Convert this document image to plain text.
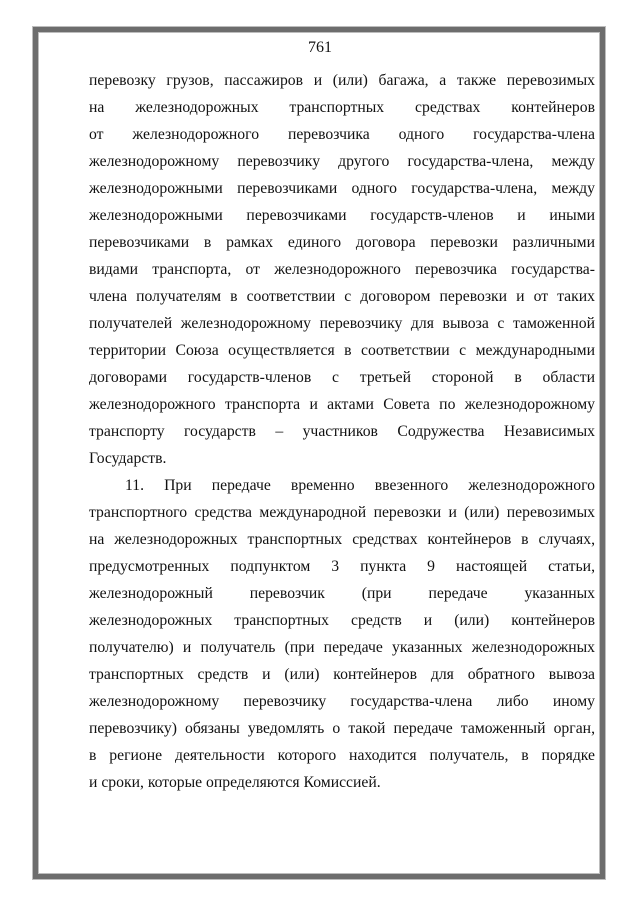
761
перевозку грузов, пассажиров и (или) багажа, а также перевозимых
на железнодорожных транспортных средствах контейнеров
от железнодорожного перевозчика одного государства-члена
железнодорожному перевозчику другого государства-члена, между
железнодорожными перевозчиками одного государства-члена, между
железнодорожными перевозчиками государств-членов и иными
перевозчиками в рамках единого договора перевозки различными
видами транспорта, от железнодорожного перевозчика государства-
члена получателям в соответствии с договором перевозки и от таких
получателей железнодорожному перевозчику для вывоза с таможенной
территории Союза осуществляется в соответствии с международными
договорами государств-членов с третьей стороной в области
железнодорожного транспорта и актами Совета по железнодорожному
транспорту государств – участников Содружества Независимых
Государств.
11. При передаче временно ввезенного железнодорожного
транспортного средства международной перевозки и (или) перевозимых
на железнодорожных транспортных средствах контейнеров в случаях,
предусмотренных подпунктом 3 пункта 9 настоящей статьи,
железнодорожный перевозчик (при передаче указанных
железнодорожных транспортных средств и (или) контейнеров
получателю) и получатель (при передаче указанных железнодорожных
транспортных средств и (или) контейнеров для обратного вывоза
железнодорожному перевозчику государства-члена либо иному
перевозчику) обязаны уведомлять о такой передаче таможенный орган,
в регионе деятельности которого находится получатель, в порядке
и сроки, которые определяются Комиссией.
